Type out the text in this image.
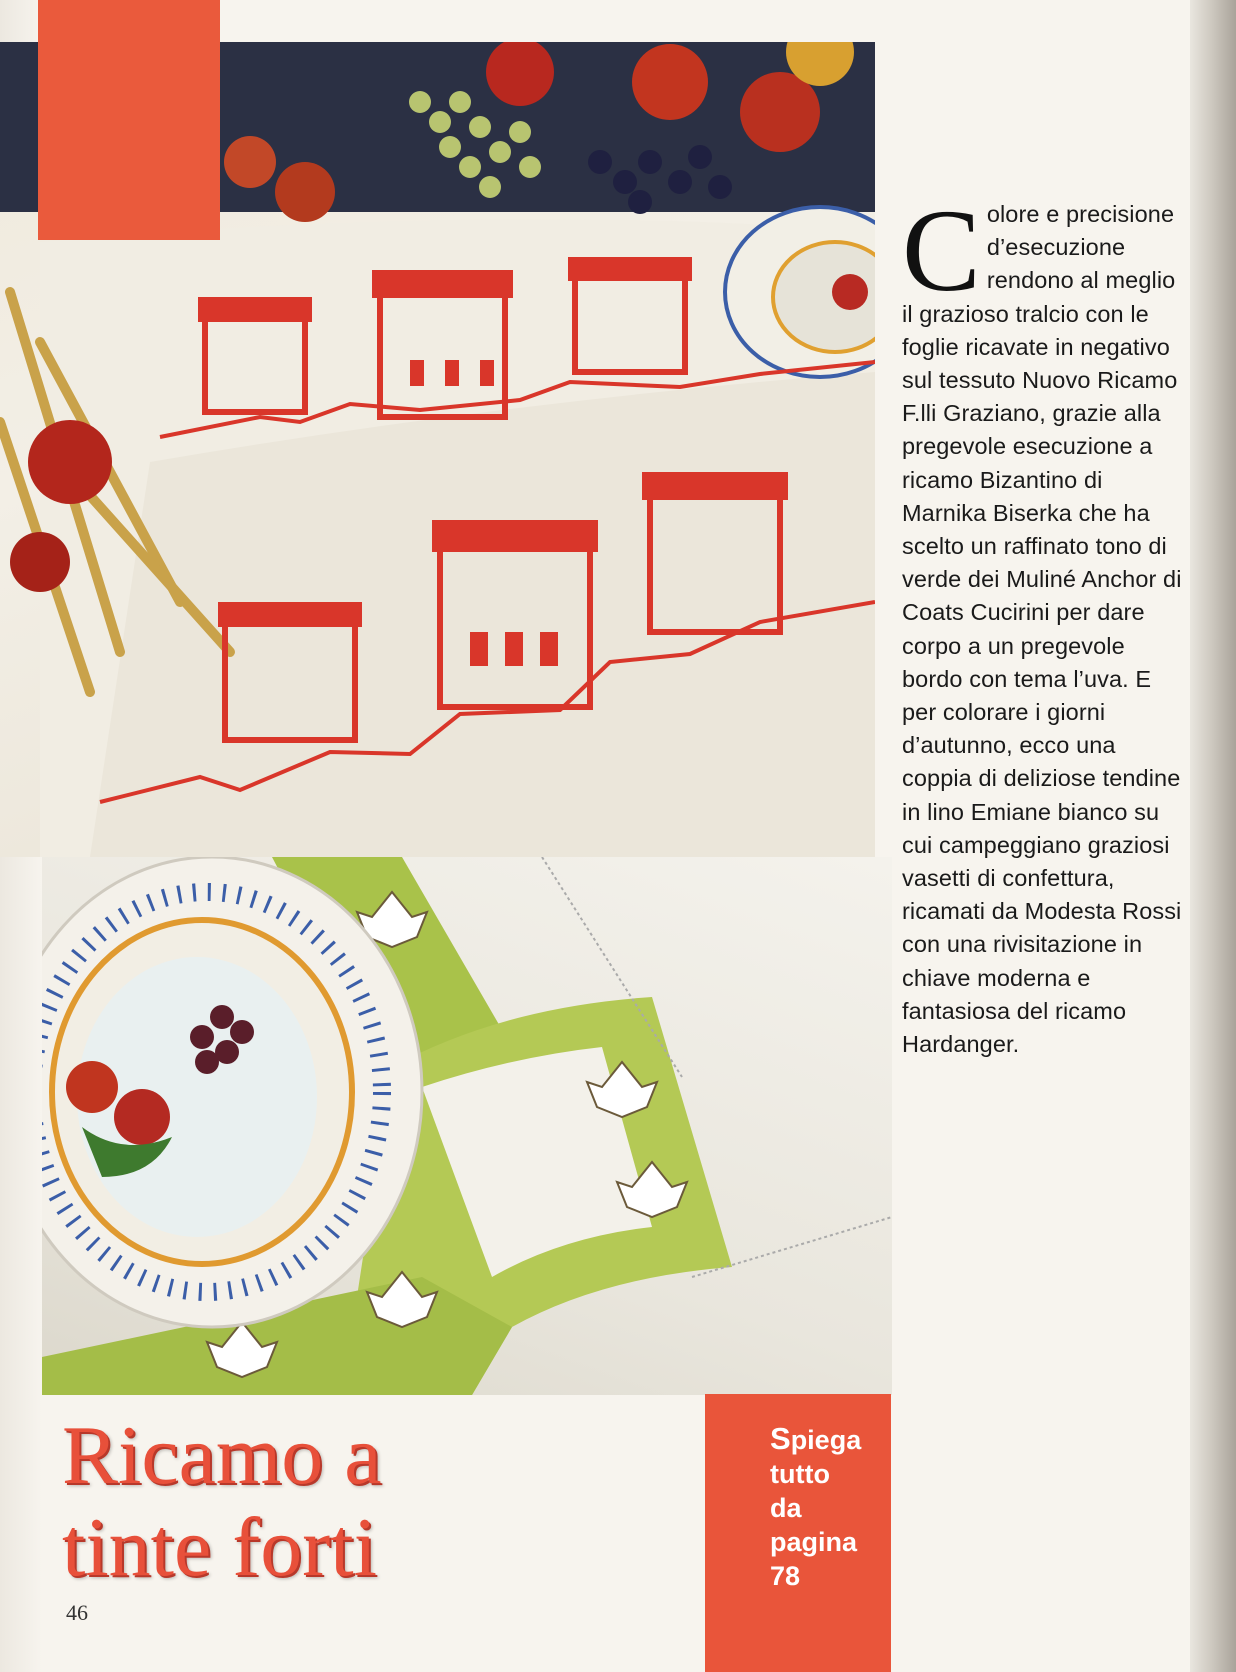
C olore e precisione d’esecuzione rendono al meglio il grazioso tralcio con le foglie ricavate in negativo sul tessuto Nuovo Ricamo F.lli Graziano, grazie alla pregevole esecuzione a ricamo Bizantino di Marnika Biserka che ha scelto un raffinato tono di verde dei Muliné Anchor di Coats Cucirini per dare corpo a un pregevole bordo con tema l’uva. E per colorare i giorni d’autunno, ecco una coppia di deliziose tendine in lino Emiane bianco su cui campeggiano graziosi vasetti di confettura, ricamati da Modesta Rossi con una rivisitazione in chiave moderna e fantasiosa del ricamo Hardanger.

Ricamo a
tinte forti
46
Spiega
tutto
da
pagina
78
